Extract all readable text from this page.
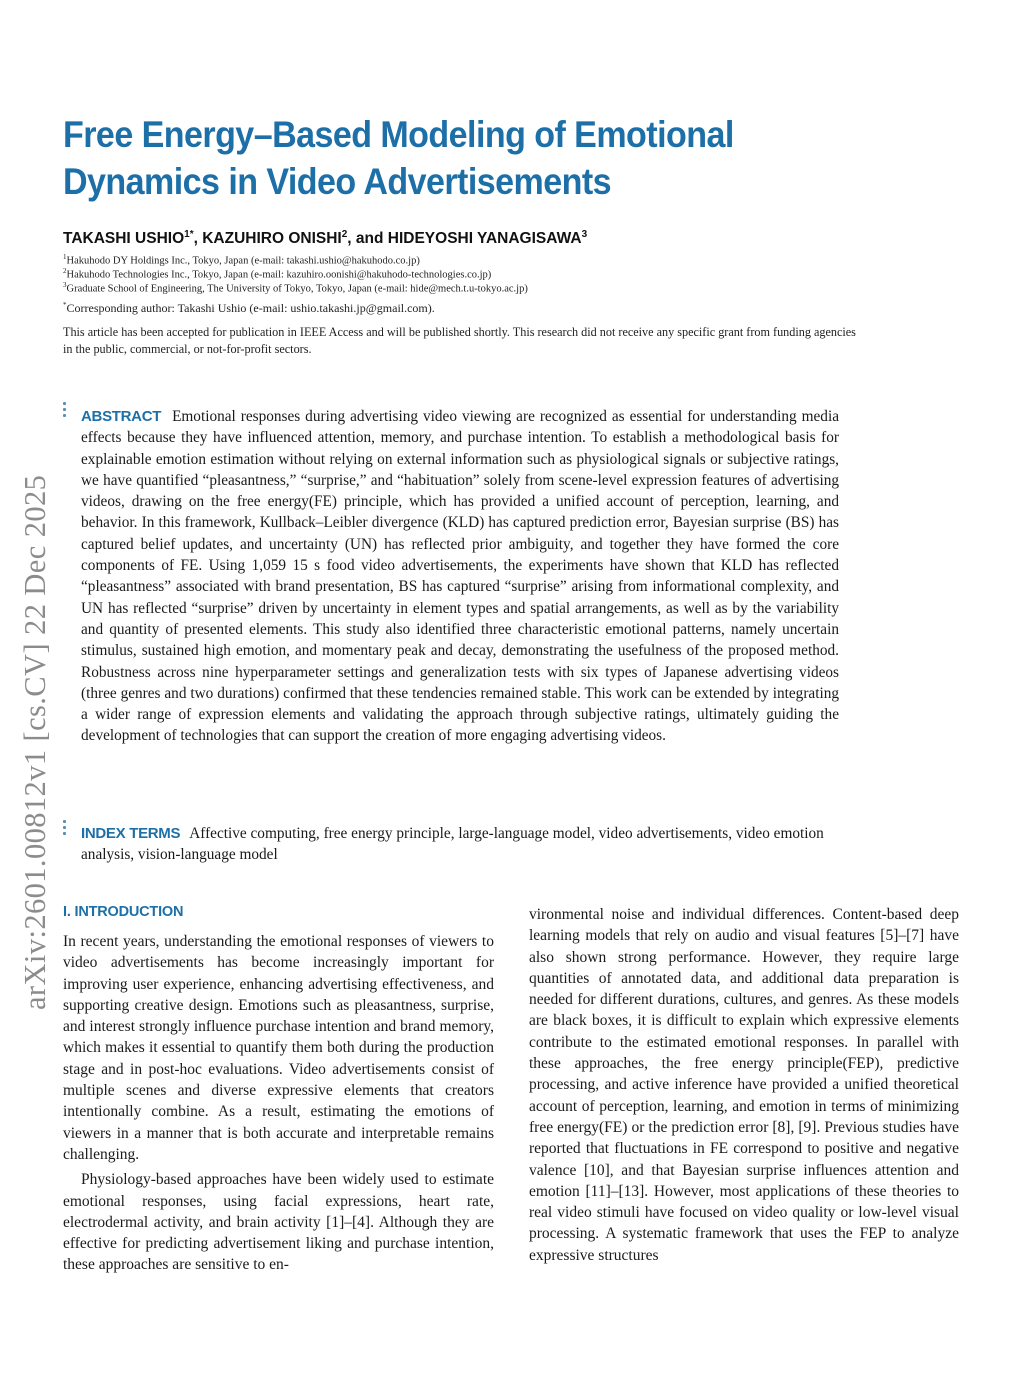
Free Energy–Based Modeling of Emotional Dynamics in Video Advertisements
TAKASHI $USHIO^{1*}$, KAZUHIRO ONISHI$^2$, and HIDEYOSHI YANAGISAWA$^3$
$^1$Hakuhodo DY Holdings Inc., Tokyo, Japan (e-mail: takashi.ushio@hakuhodo.co.jp)
$^2$Hakuhodo Technologies Inc., Tokyo, Japan (e-mail: kazuhiro.oonishi@hakuhodo-technologies.co.jp)
$^3$Graduate School of Engineering, The University of Tokyo, Tokyo, Japan (e-mail: hide@mech.t.u-tokyo.ac.jp)
*Corresponding author: Takashi Ushio (e-mail: ushio.takashi.jp@gmail.com).

This article has been accepted for publication in IEEE Access and will be published shortly. This research did not receive any specific grant from funding agencies in the public, commercial, or not-for-profit sectors.

arXiv:2601.00812v1 [cs.CV] 22 Dec 2025

ABSTRACT Emotional responses during advertising video viewing are recognized as essential for understanding media effects because they have influenced attention, memory, and purchase intention. To establish a methodological basis for explainable emotion estimation without relying on external information such as physiological signals or subjective ratings, we have quantified “pleasantness,” “surprise,” and “habituation” solely from scene-level expression features of advertising videos, drawing on the free energy(FE) principle, which has provided a unified account of perception, learning, and behavior. In this framework, Kullback–Leibler divergence (KLD) has captured prediction error, Bayesian surprise (BS) has captured belief updates, and uncertainty (UN) has reflected prior ambiguity, and together they have formed the core components of FE. Using 1,059 15 s food video advertisements, the experiments have shown that KLD has reflected “pleasantness” associated with brand presentation, BS has captured “surprise” arising from informational complexity, and UN has reflected “surprise” driven by uncertainty in element types and spatial arrangements, as well as by the variability and quantity of presented elements. This study also identified three characteristic emotional patterns, namely uncertain stimulus, sustained high emotion, and momentary peak and decay, demonstrating the usefulness of the proposed method. Robustness across nine hyperparameter settings and generalization tests with six types of Japanese advertising videos (three genres and two durations) confirmed that these tendencies remained stable. This work can be extended by integrating a wider range of expression elements and validating the approach through subjective ratings, ultimately guiding the development of technologies that can support the creation of more engaging advertising videos.

INDEX TERMS Affective computing, free energy principle, large-language model, video advertisements, video emotion analysis, vision-language model

I. INTRODUCTION

In recent years, understanding the emotional responses of viewers to video advertisements has become increasingly important for improving user experience, enhancing advertising effectiveness, and supporting creative design. Emotions such as pleasantness, surprise, and interest strongly influence purchase intention and brand memory, which makes it essential to quantify them both during the production stage and in post-hoc evaluations. Video advertisements consist of multiple scenes and diverse expressive elements that creators intentionally combine. As a result, estimating the emotions of viewers in a manner that is both accurate and interpretable remains challenging.

Physiology-based approaches have been widely used to estimate emotional responses, using facial expressions, heart rate, electrodermal activity, and brain activity [1]–[4]. Although they are effective for predicting advertisement liking and purchase intention, these approaches are sensitive to en-

vironmental noise and individual differences. Content-based deep learning models that rely on audio and visual features [5]–[7] have also shown strong performance. However, they require large quantities of annotated data, and additional data preparation is needed for different durations, cultures, and genres. As these models are black boxes, it is difficult to explain which expressive elements contribute to the estimated emotional responses. In parallel with these approaches, the free energy principle(FEP), predictive processing, and active inference have provided a unified theoretical account of perception, learning, and emotion in terms of minimizing free energy(FE) or the prediction error [8], [9]. Previous studies have reported that fluctuations in FE correspond to positive and negative valence [10], and that Bayesian surprise influences attention and emotion [11]–[13]. However, most applications of these theories to real video stimuli have focused on video quality or low-level visual processing. A systematic framework that uses the FEP to analyze expressive structures
